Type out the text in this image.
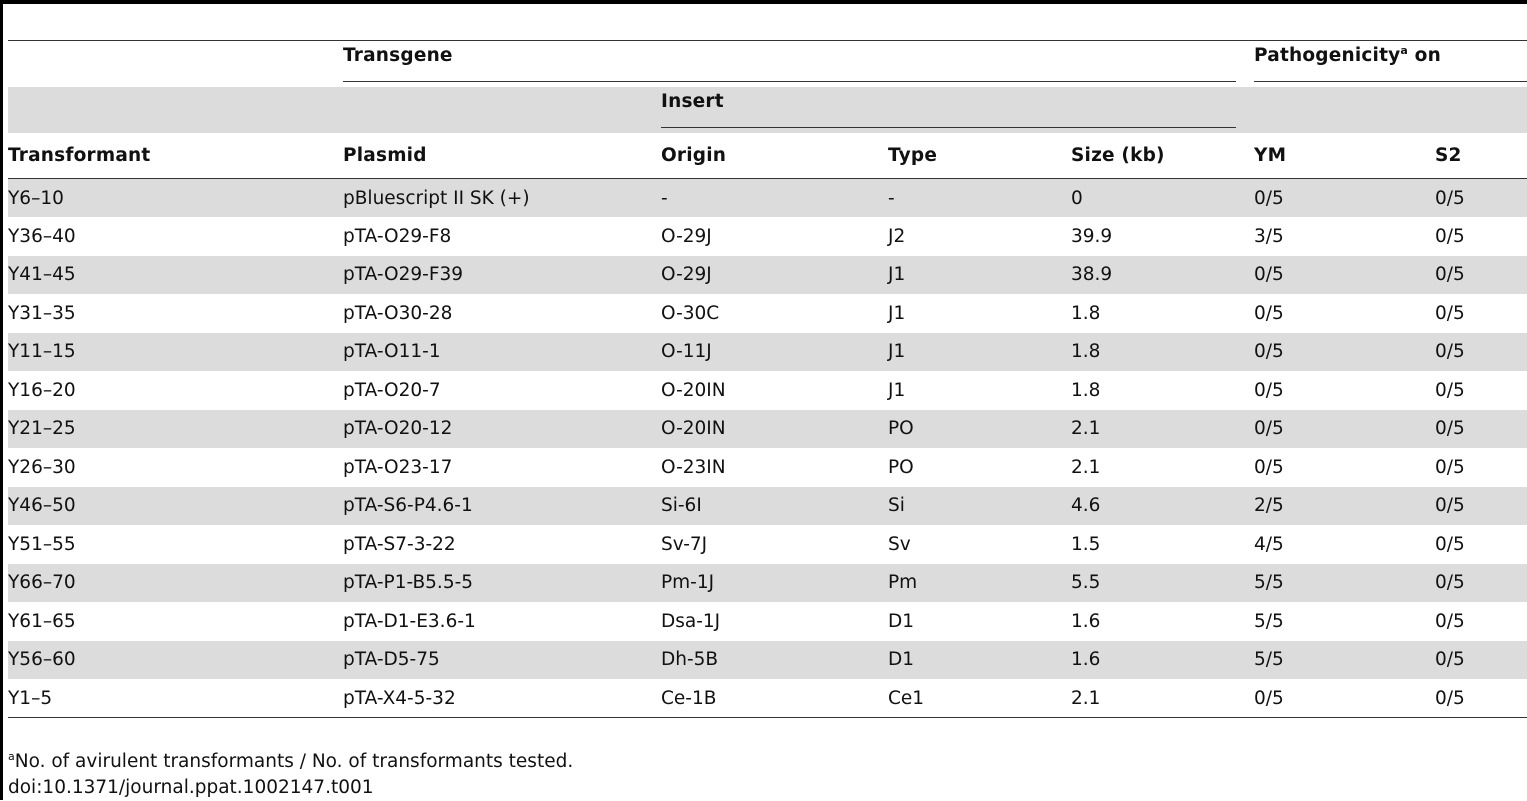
	Transgene				Pathogenicity$^a$ on	

		Insert				

Transformant	Plasmid	Origin	Type	Size (kb)	YM	S2
Y6–10	pBluescript II SK (+)	-	-	0	0/5	0/5
Y36–40	pTA-O29-F8	O-29J	J2	39.9	3/5	0/5
Y41–45	pTA-O29-F39	O-29J	J1	38.9	0/5	0/5
Y31–35	pTA-O30-28	O-30C	J1	1.8	0/5	0/5
Y11–15	pTA-O11-1	O-11J	J1	1.8	0/5	0/5
Y16–20	pTA-O20-7	O-20IN	J1	1.8	0/5	0/5
Y21–25	pTA-O20-12	O-20IN	PO	2.1	0/5	0/5
Y26–30	pTA-O23-17	O-23IN	PO	2.1	0/5	0/5
Y46–50	pTA-S6-P4.6-1	Si-6I	Si	4.6	2/5	0/5
Y51–55	pTA-S7-3-22	Sv-7J	Sv	1.5	4/5	0/5
Y66–70	pTA-P1-B5.5-5	Pm-1J	Pm	5.5	5/5	0/5
Y61–65	pTA-D1-E3.6-1	Dsa-1J	D1	1.6	5/5	0/5
Y56–60	pTA-D5-75	Dh-5B	D1	1.6	5/5	0/5
Y1–5	pTA-X4-5-32	Ce-1B	Ce1	2.1	0/5	0/5
$^a$No. of avirulent transformants / No. of transformants tested.
doi:10.1371/journal.ppat.1002147.t001
